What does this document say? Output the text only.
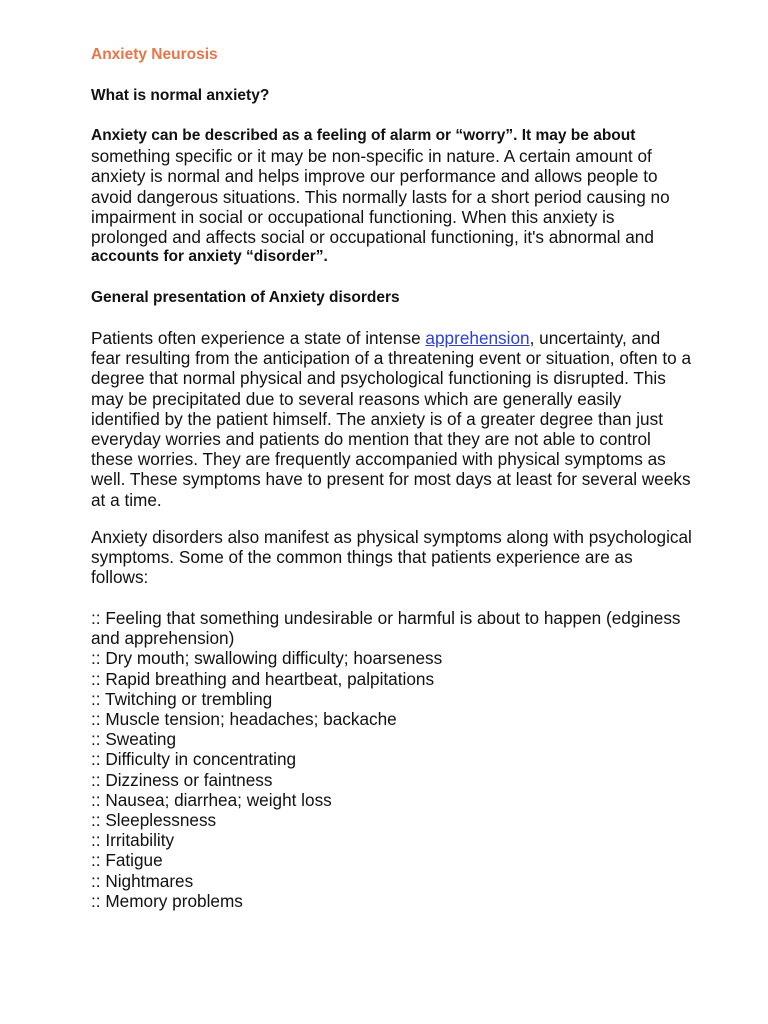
Anxiety Neurosis
What is normal anxiety?

Anxiety can be described as a feeling of alarm or “worry”. It may be about
something specific or it may be non-specific in nature. A certain amount of
anxiety is normal and helps improve our performance and allows people to
avoid dangerous situations. This normally lasts for a short period causing no
impairment in social or occupational functioning. When this anxiety is
prolonged and affects social or occupational functioning, it's abnormal and
accounts for anxiety “disorder”.

General presentation of Anxiety disorders

Patients often experience a state of intense apprehension, uncertainty, and
fear resulting from the anticipation of a threatening event or situation, often to a
degree that normal physical and psychological functioning is disrupted. This
may be precipitated due to several reasons which are generally easily
identified by the patient himself. The anxiety is of a greater degree than just
everyday worries and patients do mention that they are not able to control
these worries. They are frequently accompanied with physical symptoms as
well. These symptoms have to present for most days at least for several weeks
at a time.

Anxiety disorders also manifest as physical symptoms along with psychological
symptoms. Some of the common things that patients experience are as
follows:

:: Feeling that something undesirable or harmful is about to happen (edginess
and apprehension)
:: Dry mouth; swallowing difficulty; hoarseness
:: Rapid breathing and heartbeat, palpitations
:: Twitching or trembling
:: Muscle tension; headaches; backache
:: Sweating
:: Difficulty in concentrating
:: Dizziness or faintness
:: Nausea; diarrhea; weight loss
:: Sleeplessness
:: Irritability
:: Fatigue
:: Nightmares
:: Memory problems
